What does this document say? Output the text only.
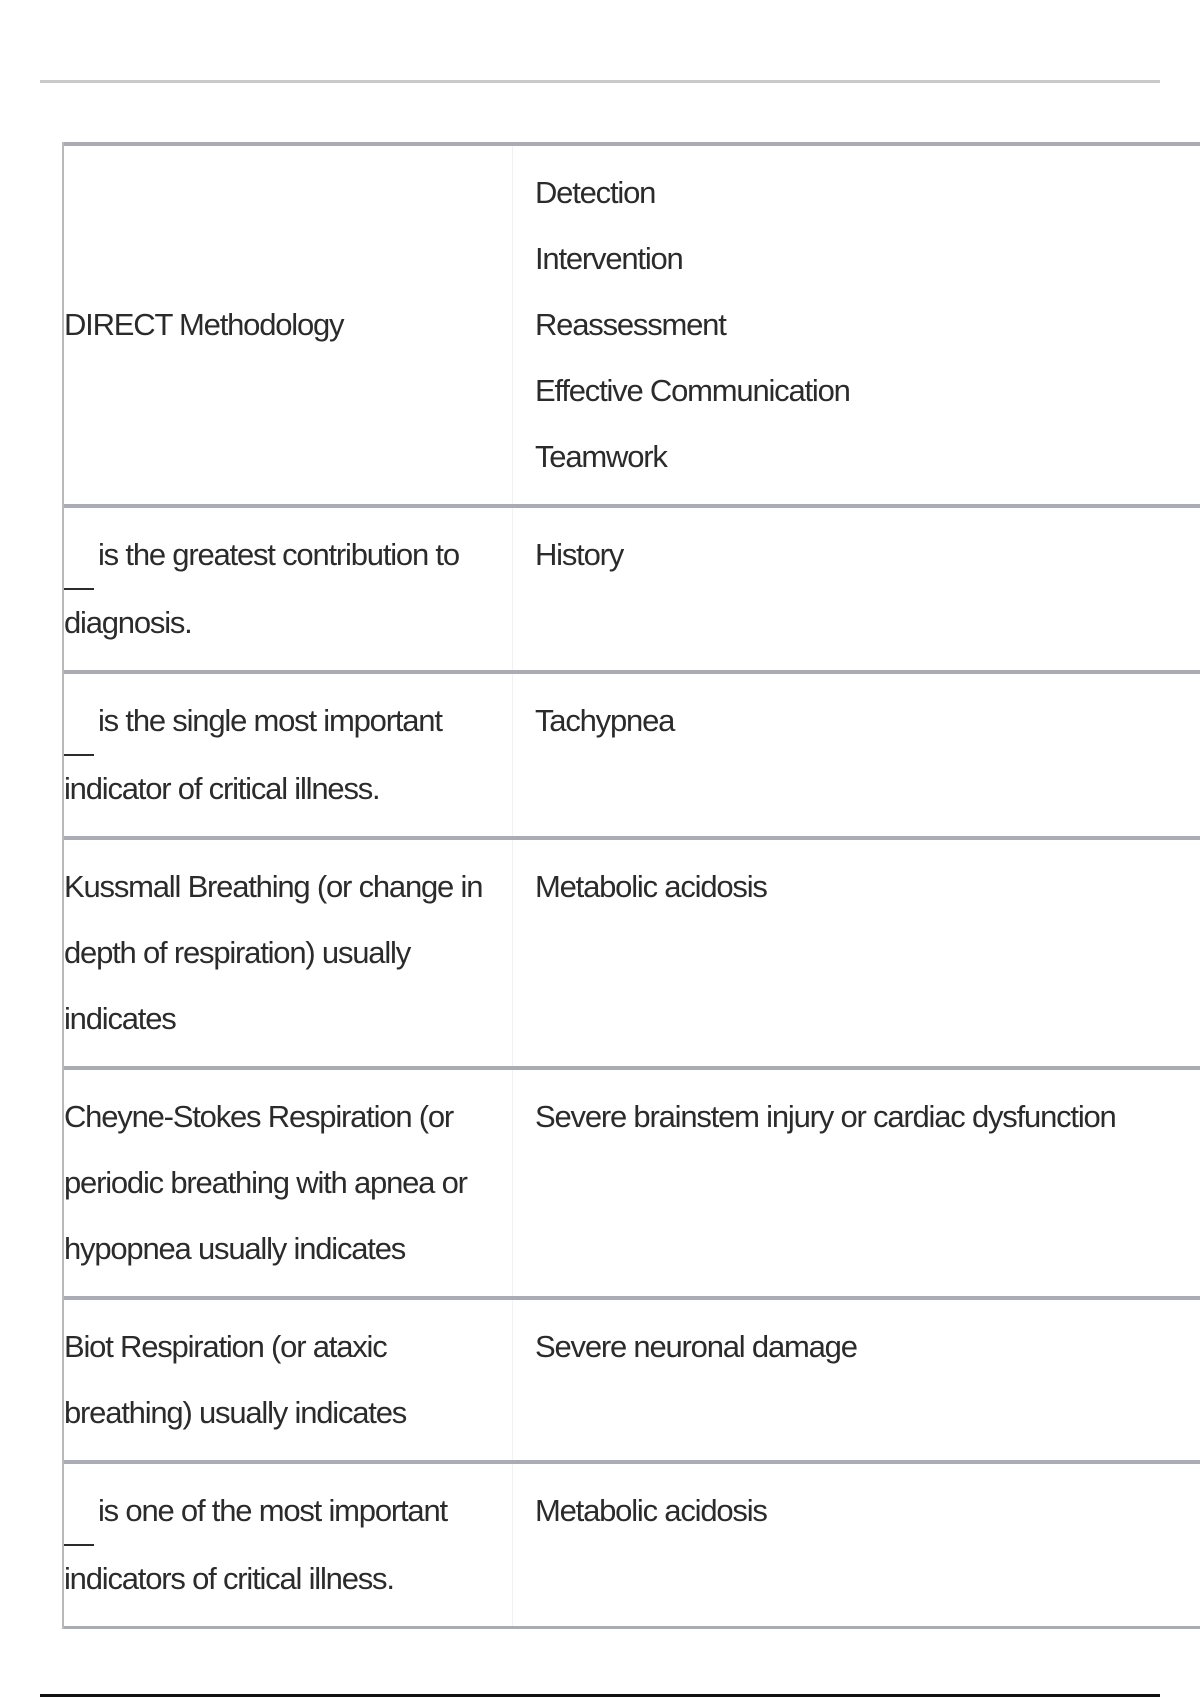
DIRECT Methodology
Detection
Intervention
Reassessment
Effective Communication
Teamwork
is the greatest contribution to diagnosis.
History
is the single most important indicator of critical illness.
Tachypnea
Kussmall Breathing (or change in depth of respiration) usually indicates
Metabolic acidosis
Cheyne-Stokes Respiration (or periodic breathing with apnea or hypopnea usually indicates
Severe brainstem injury or cardiac dysfunction
Biot Respiration (or ataxic breathing) usually indicates
Severe neuronal damage
is one of the most important indicators of critical illness.
Metabolic acidosis
